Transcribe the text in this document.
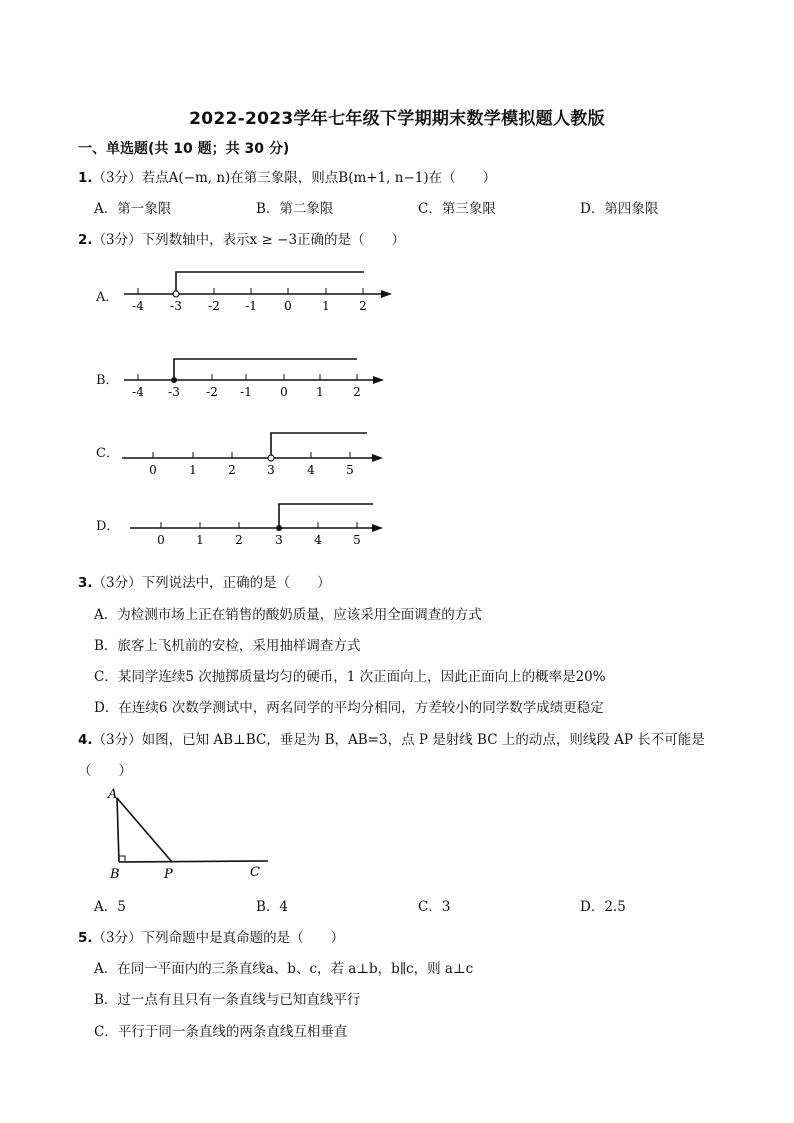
2022-2023学年七年级下学期期末数学模拟题人教版
一、单选题(共 10 题；共 30 分)
1.（3分）若点A(−m, n)在第三象限，则点B(m+1, n−1)在（　　）
A．第一象限	B．第二象限	C．第三象限	D．第四象限
2.（3分）下列数轴中，表示x ≥ −3正确的是（　　）
A．
-4 -3 -2 -1 0	1 2
B．
-4 -3 -2 -1 0 1 2
C．
0	1	2	3	4	5
D．
0	1	2	3	4	5
3.（3分）下列说法中，正确的是（　　）
A．为检测市场上正在销售的酸奶质量，应该采用全面调查的方式
B．旅客上飞机前的安检，采用抽样调查方式
C．某同学连续5 次抛掷质量均匀的硬币，1 次正面向上，因此正面向上的概率是20%
D．在连续6 次数学测试中，两名同学的平均分相同，方差较小的同学数学成绩更稳定
4.（3分）如图，已知 AB⊥BC，垂足为 B，AB=3，点 P 是射线 BC 上的动点，则线段 AP 长不可能是
（　　）
A
B	P	C
A．5	B．4	C．3	D．2.5
5.（3分）下列命题中是真命题的是（　　）
A．在同一平面内的三条直线a、b、c，若 a⊥b，b∥c，则 a⊥c
B．过一点有且只有一条直线与已知直线平行
C．平行于同一条直线的两条直线互相垂直
